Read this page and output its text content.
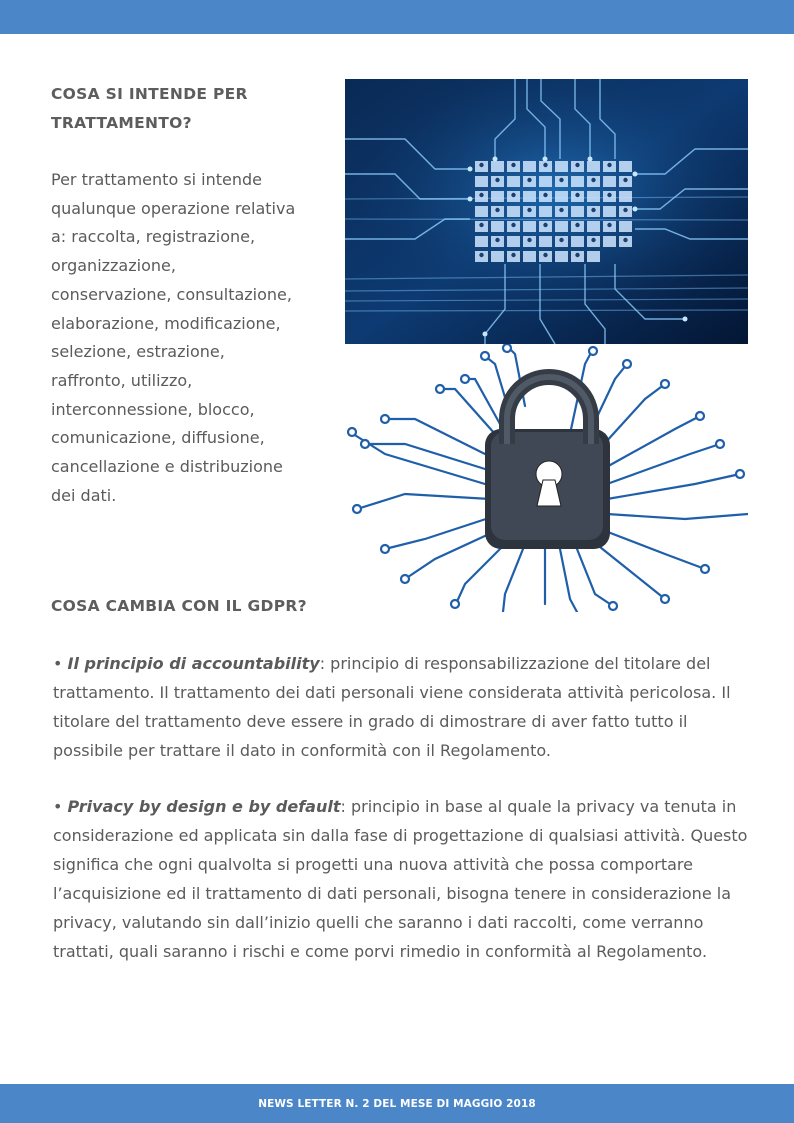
COSA SI INTENDE PER TRATTAMENTO?

Per trattamento si intende qualunque operazione relativa a: raccolta, registrazione, organizzazione, conservazione, consultazione, elaborazione, modificazione, selezione, estrazione, raffronto, utilizzo, interconnessione, blocco, comunicazione, diffusione, cancellazione e distribuzione dei dati.

COSA CAMBIA CON IL GDPR?

• Il principio di accountability: principio di responsabilizzazione del titolare del trattamento. Il trattamento dei dati personali viene considerata attività pericolosa. Il titolare del trattamento deve essere in grado di dimostrare di aver fatto tutto il possibile per trattare il dato in conformità con il Regolamento.

• Privacy by design e by default: principio in base al quale la privacy va tenuta in considerazione ed applicata sin dalla fase di progettazione di qualsiasi attività. Questo significa che ogni qualvolta si progetti una nuova attività che possa comportare l’acquisizione ed il trattamento di dati personali, bisogna tenere in considerazione la privacy, valutando sin dall’inizio quelli che saranno i dati raccolti, come verranno trattati, quali saranno i rischi e come porvi rimedio in conformità al Regolamento.

NEWS LETTER N. 2 DEL MESE DI MAGGIO 2018
